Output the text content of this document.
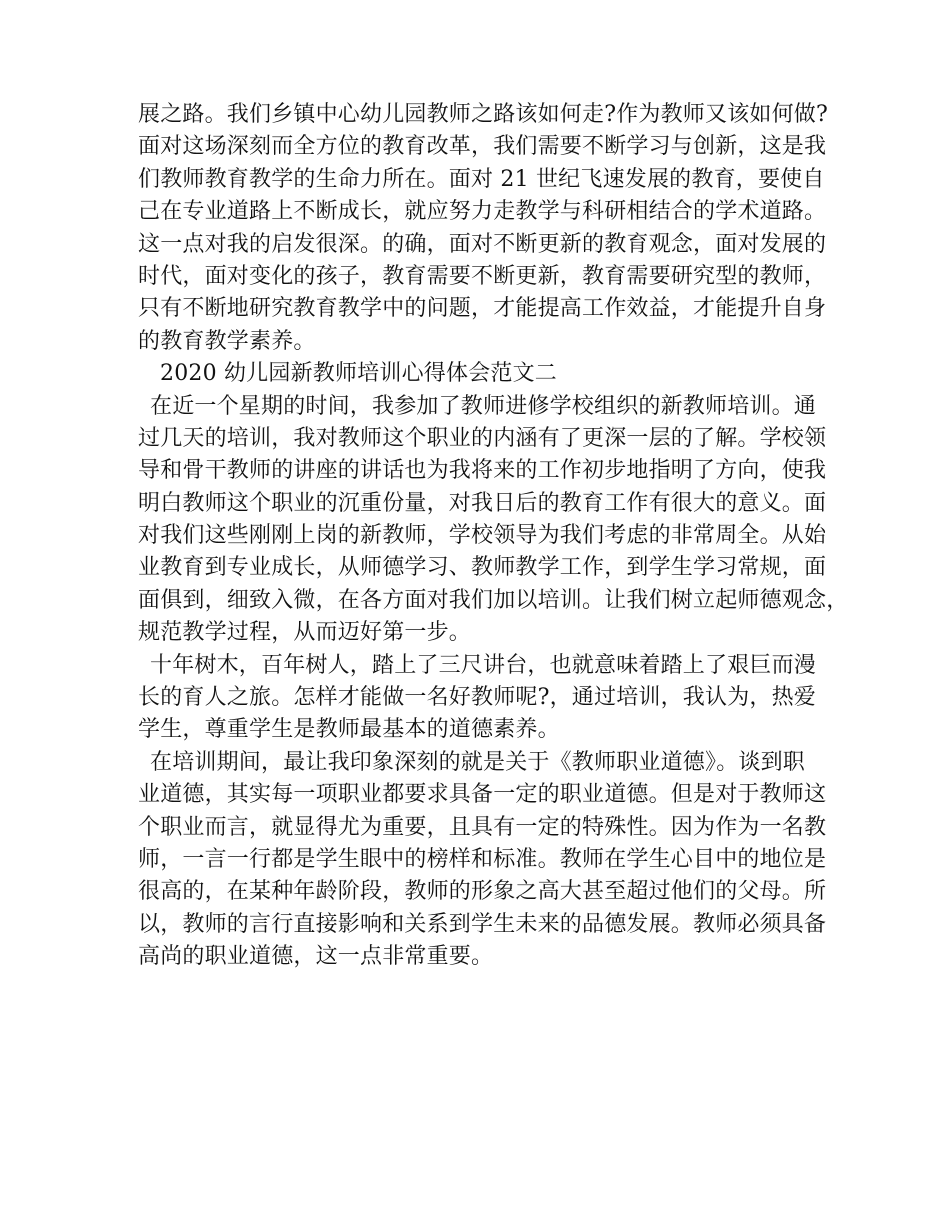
展之路。我们乡镇中心幼儿园教师之路该如何走?作为教师又该如何做?
面对这场深刻而全方位的教育改革，我们需要不断学习与创新，这是我
们教师教育教学的生命力所在。面对 21 世纪飞速发展的教育，要使自
己在专业道路上不断成长，就应努力走教学与科研相结合的学术道路。
这一点对我的启发很深。的确，面对不断更新的教育观念，面对发展的
时代，面对变化的孩子，教育需要不断更新，教育需要研究型的教师，
只有不断地研究教育教学中的问题，才能提高工作效益，才能提升自身
的教育教学素养。
2020 幼儿园新教师培训心得体会范文二
在近一个星期的时间，我参加了教师进修学校组织的新教师培训。通
过几天的培训，我对教师这个职业的内涵有了更深一层的了解。学校领
导和骨干教师的讲座的讲话也为我将来的工作初步地指明了方向，使我
明白教师这个职业的沉重份量，对我日后的教育工作有很大的意义。面
对我们这些刚刚上岗的新教师，学校领导为我们考虑的非常周全。从始
业教育到专业成长，从师德学习、教师教学工作，到学生学习常规，面
面俱到，细致入微，在各方面对我们加以培训。让我们树立起师德观念，
规范教学过程，从而迈好第一步。
十年树木，百年树人，踏上了三尺讲台，也就意味着踏上了艰巨而漫
长的育人之旅。怎样才能做一名好教师呢?，通过培训，我认为，热爱
学生，尊重学生是教师最基本的道德素养。
在培训期间，最让我印象深刻的就是关于《教师职业道德》。谈到职
业道德，其实每一项职业都要求具备一定的职业道德。但是对于教师这
个职业而言，就显得尤为重要，且具有一定的特殊性。因为作为一名教
师，一言一行都是学生眼中的榜样和标准。教师在学生心目中的地位是
很高的，在某种年龄阶段，教师的形象之高大甚至超过他们的父母。所
以，教师的言行直接影响和关系到学生未来的品德发展。教师必须具备
高尚的职业道德，这一点非常重要。
